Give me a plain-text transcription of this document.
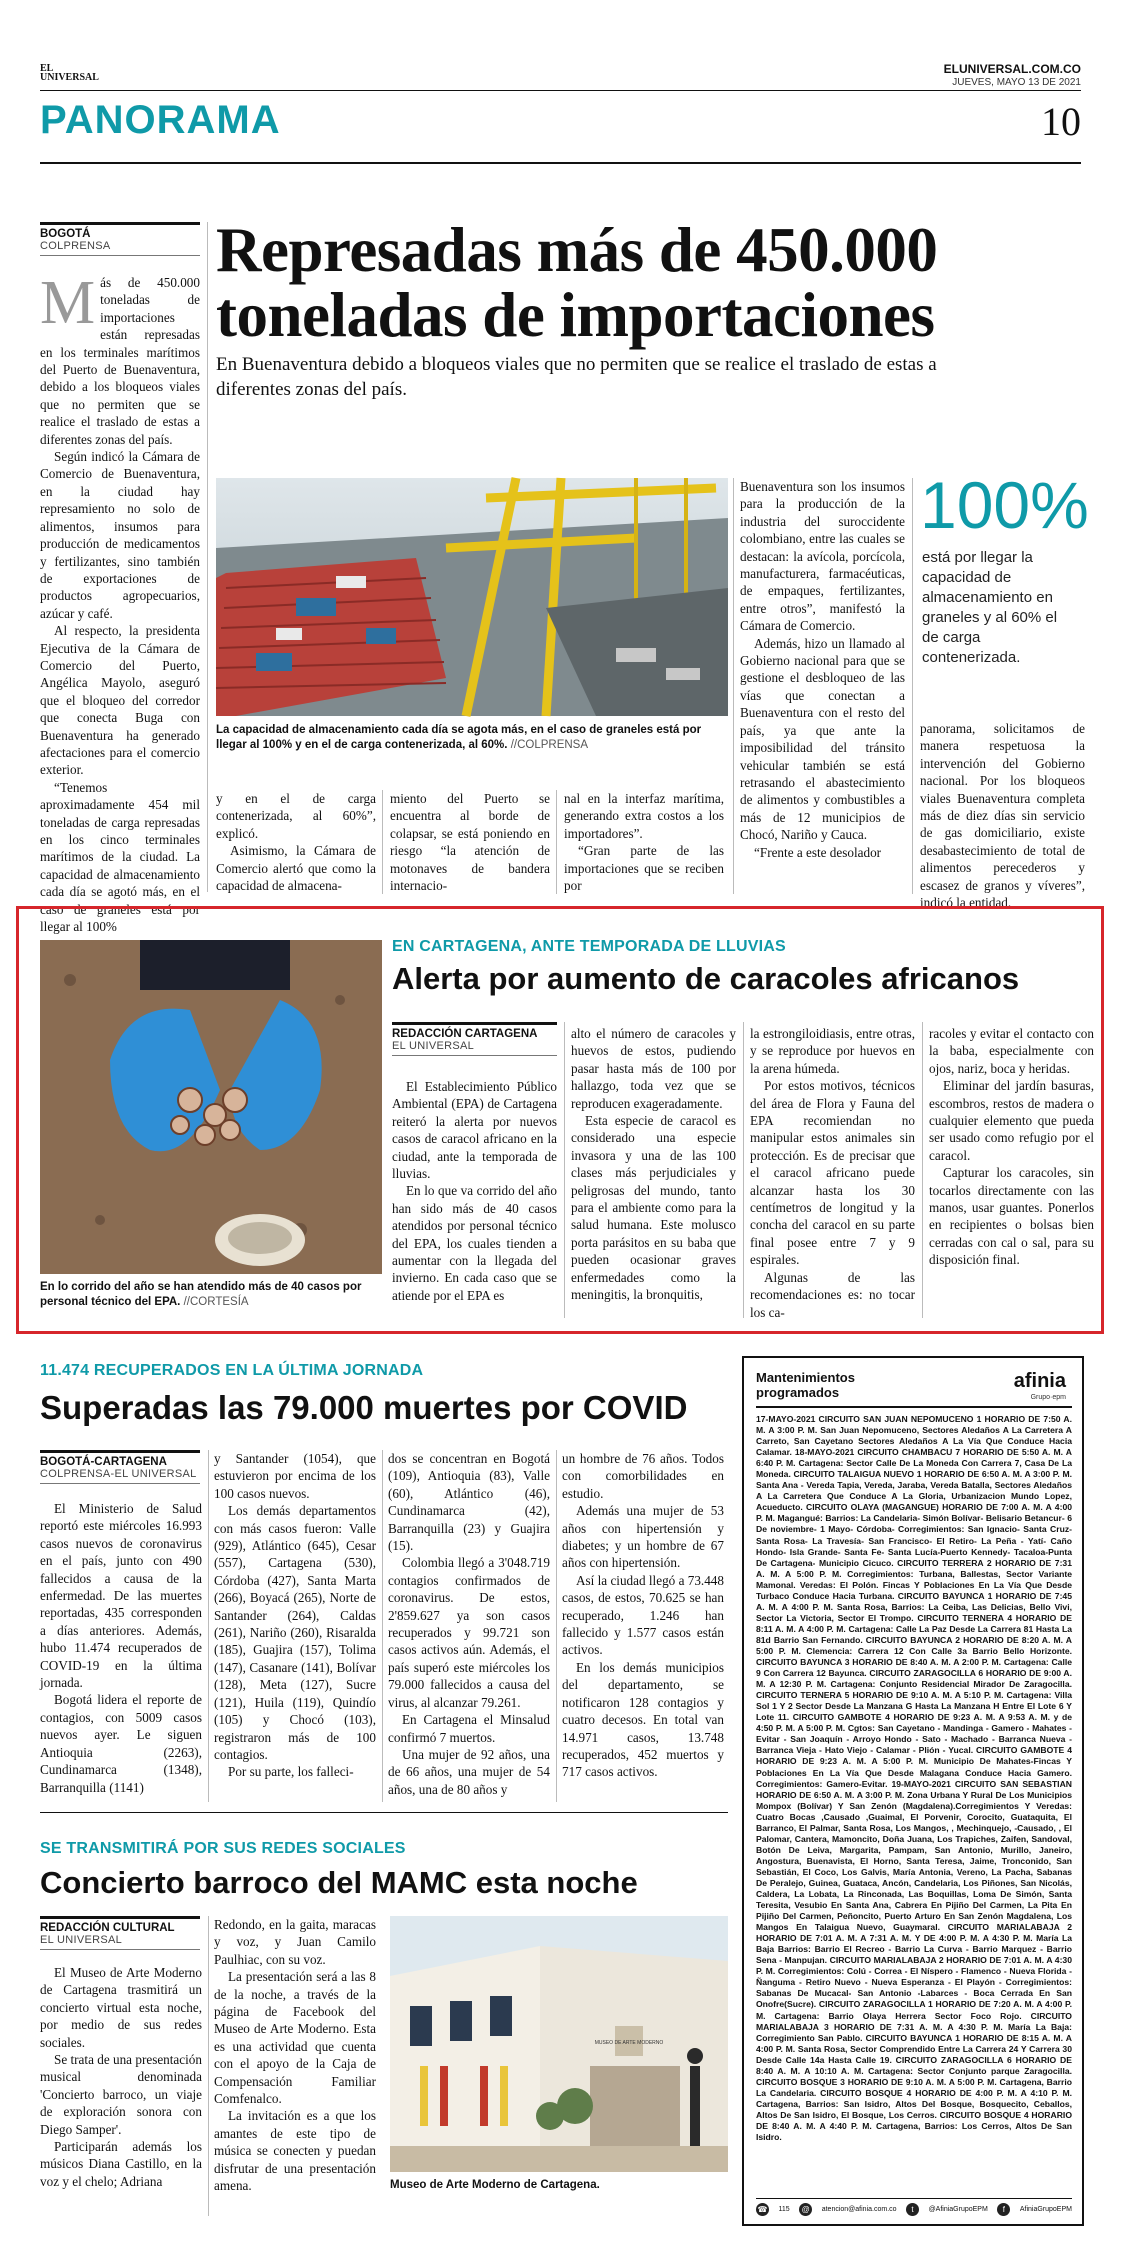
EL
UNIVERSAL
ELUNIVERSAL.COM.CO
JUEVES, MAYO 13 DE 2021
PANORAMA	10
BOGOTÁ
COLPRENSA	Represadas más de 450.000 toneladas de importaciones
En Buenaventura debido a bloqueos viales que no permiten que se realice el traslado de estas a diferentes zonas del país.
M ás de 450.000 toneladas de importaciones están represadas en los terminales marítimos del Puerto de Buenaventura, debido a los bloqueos viales que no permiten que se realice el traslado de estas a diferentes zonas del país.

Según indicó la Cámara de Comercio de Buenaventura, en la ciudad hay represamiento no solo de alimentos, insumos para producción de medicamentos y fertilizantes, sino también de exportaciones de productos agropecuarios, azúcar y café.

Al respecto, la presidenta Ejecutiva de la Cámara de Comercio del Puerto, Angélica Mayolo, aseguró que el bloqueo del corredor que conecta Buga con Buenaventura ha generado afectaciones para el comercio exterior.

“Tenemos aproximadamente 454 mil toneladas de carga represadas en los cinco terminales marítimos de la ciudad. La capacidad de almacenamiento cada día se agotó más, en el caso de graneles está por llegar al 100%

La capacidad de almacenamiento cada día se agota más, en el caso de graneles está por llegar al 100% y en el de carga contenerizada, al 60%. //COLPRENSA

y en el de carga contenerizada, al 60%”, explicó.

Asimismo, la Cámara de Comercio alertó que como la capacidad de almacena-

miento del Puerto se encuentra al borde de colapsar, se está poniendo en riesgo “la atención de motonaves de bandera internacio-

nal en la interfaz marítima, generando extra costos a los importadores”.

“Gran parte de las importaciones que se reciben por

Buenaventura son los insumos para la producción de la industria del suroccidente colombiano, entre las cuales se destacan: la avícola, porcícola, manufacturera, farmacéuticas, de empaques, fertilizantes, entre otros”, manifestó la Cámara de Comercio.

Además, hizo un llamado al Gobierno nacional para que se gestione el desbloqueo de las vías que conectan a Buenaventura con el resto del país, ya que ante la imposibilidad del tránsito vehicular también se está retrasando el abastecimiento de alimentos y combustibles a más de 12 municipios de Chocó, Nariño y Cauca.

“Frente a este desolador

100%
está por llegar la capacidad de almacenamiento en graneles y al 60% el de carga contenerizada.

panorama, solicitamos de manera respetuosa la intervención del Gobierno nacional. Por los bloqueos viales Buenaventura completa más de diez días sin servicio de gas domiciliario, existe desabastecimiento de total de alimentos perecederos y escasez de granos y víveres”, indicó la entidad.

En lo corrido del año se han atendido más de 40 casos por personal técnico del EPA. //CORTESÍA
EN CARTAGENA, ANTE TEMPORADA DE LLUVIAS
Alerta por aumento de caracoles africanos
REDACCIÓN CARTAGENA
EL UNIVERSAL

El Establecimiento Público Ambiental (EPA) de Cartagena reiteró la alerta por nuevos casos de caracol africano en la ciudad, ante la temporada de lluvias.

En lo que va corrido del año han sido más de 40 casos atendidos por personal técnico del EPA, los cuales tienden a aumentar con la llegada del invierno. En cada caso que se atiende por el EPA es

alto el número de caracoles y huevos de estos, pudiendo pasar hasta más de 100 por hallazgo, toda vez que se reproducen exageradamente.

Esta especie de caracol es considerado una especie invasora y una de las 100 clases más perjudiciales y peligrosas del mundo, tanto para el ambiente como para la salud humana. Este molusco porta parásitos en su baba que pueden ocasionar graves enfermedades como la meningitis, la bronquitis,

la estrongiloidiasis, entre otras, y se reproduce por huevos en la arena húmeda.

Por estos motivos, técnicos del área de Flora y Fauna del EPA recomiendan no manipular estos animales sin protección. Es de precisar que el caracol africano puede alcanzar hasta los 30 centímetros de longitud y la concha del caracol en su parte final posee entre 7 y 9 espirales.

Algunas de las recomendaciones es: no tocar los ca-

racoles y evitar el contacto con la baba, especialmente con ojos, nariz, boca y heridas.

Eliminar del jardín basuras, escombros, restos de madera o cualquier elemento que pueda ser usado como refugio por el caracol.

Capturar los caracoles, sin tocarlos directamente con las manos, usar guantes. Ponerlos en recipientes o bolsas bien cerradas con cal o sal, para su disposición final.

11.474 RECUPERADOS EN LA ÚLTIMA JORNADA
Superadas las 79.000 muertes por COVID
BOGOTÁ-CARTAGENA
COLPRENSA-EL UNIVERSAL

El Ministerio de Salud reportó este miércoles 16.993 casos nuevos de coronavirus en el país, junto con 490 fallecidos a causa de la enfermedad. De las muertes reportadas, 435 corresponden a días anteriores. Además, hubo 11.474 recuperados de COVID-19 en la última jornada.

Bogotá lidera el reporte de contagios, con 5009 casos nuevos ayer. Le siguen Antioquia (2263), Cundinamarca (1348), Barranquilla (1141)

y Santander (1054), que estuvieron por encima de los 100 casos nuevos.

Los demás departamentos con más casos fueron: Valle (929), Atlántico (645), Cesar (557), Cartagena (530), Córdoba (427), Santa Marta (266), Boyacá (265), Norte de Santander (264), Caldas (261), Nariño (260), Risaralda (185), Guajira (157), Tolima (147), Casanare (141), Bolívar (128), Meta (127), Sucre (121), Huila (119), Quindío (105) y Chocó (103), registraron más de 100 contagios.

Por su parte, los falleci-

dos se concentran en Bogotá (109), Antioquia (83), Valle (60), Atlántico (46), Cundinamarca (42), Barranquilla (23) y Guajira (15).

Colombia llegó a 3'048.719 contagios confirmados de coronavirus. De estos, 2'859.627 ya son casos recuperados y 99.721 son casos activos aún. Además, el país superó este miércoles los 79.000 fallecidos a causa del virus, al alcanzar 79.261.

En Cartagena el Minsalud confirmó 7 muertos.

Una mujer de 92 años, una de 66 años, una mujer de 54 años, una de 80 años y

un hombre de 76 años. Todos con comorbilidades en estudio.

Además una mujer de 53 años con hipertensión y diabetes; y un hombre de 67 años con hipertensión.

Así la ciudad llegó a 73.448 casos, de estos, 70.625 se han recuperado, 1.246 han fallecido y 1.577 casos están activos.

En los demás municipios del departamento, se notificaron 128 contagios y cuatro decesos. En total van 14.971 casos, 13.748 recuperados, 452 muertos y 717 casos activos.

SE TRANSMITIRÁ POR SUS REDES SOCIALES
Concierto barroco del MAMC esta noche
REDACCIÓN CULTURAL
EL UNIVERSAL

El Museo de Arte Moderno de Cartagena trasmitirá un concierto virtual esta noche, por medio de sus redes sociales.

Se trata de una presentación musical denominada 'Concierto barroco, un viaje de exploración sonora con Diego Samper'.

Participarán además los músicos Diana Castillo, en la voz y el chelo; Adriana

Redondo, en la gaita, maracas y voz, y Juan Camilo Paulhiac, con su voz.

La presentación será a las 8 de la noche, a través de la página de Facebook del Museo de Arte Moderno. Esta es una actividad que cuenta con el apoyo de la Caja de Compensación Familiar Comfenalco.

La invitación es a que los amantes de este tipo de música se conecten y puedan disfrutar de una presentación amena.

MUSEO DE ARTE MODERNO
Museo de Arte Moderno de Cartagena.
Mantenimientos
programados
afinia
Grupo·epm
17-MAYO-2021 CIRCUITO SAN JUAN NEPOMUCENO 1 HORARIO DE 7:50 A. M. A 3:00 P. M. San Juan Nepomuceno, Sectores Aledaños A La Carretera A Carreto, San Cayetano Sectores Aledaños A La Vía Que Conduce Hacia Calamar. 18-MAYO-2021 CIRCUITO CHAMBACU 7 HORARIO DE 5:50 A. M. A 6:40 P. M. Cartagena: Sector Calle De La Moneda Con Carrera 7, Casa De La Moneda. CIRCUITO TALAIGUA NUEVO 1 HORARIO DE 6:50 A. M. A 3:00 P. M. Santa Ana - Vereda Tapia, Vereda, Jaraba, Vereda Batalla, Sectores Aledaños A La Carretera Que Conduce A La Gloria, Urbanizacion Mundo Lopez, Acueducto. CIRCUITO OLAYA (MAGANGUE) HORARIO DE 7:00 A. M. A 4:00 P. M. Magangué: Barrios: La Candelaria- Simón Bolívar- Belisario Betancur- 6 De noviembre- 1 Mayo- Córdoba- Corregimientos: San Ignacio- Santa Cruz- Santa Rosa- La Travesía- San Francisco- El Retiro- La Peña - Yatí- Caño Hondo- Isla Grande- Santa Fe- Santa Lucía-Puerto Kennedy- Tacaloa-Punta De Cartagena- Municipio Cicuco. CIRCUITO TERRERA 2 HORARIO DE 7:31 A. M. A 5:00 P. M. Corregimientos: Turbana, Ballestas, Sector Variante Mamonal. Veredas: El Polón. Fincas Y Poblaciones En La Vía Que Desde Turbaco Conduce Hacia Turbana. CIRCUITO BAYUNCA 1 HORARIO DE 7:45 A. M. A 4:00 P. M. Santa Rosa, Barrios: La Ceiba, Las Delicias, Bello Vivi, Sector La Victoria, Sector El Trompo. CIRCUITO TERNERA 4 HORARIO DE 8:11 A. M. A 4:00 P. M. Cartagena: Calle La Paz Desde La Carrera 81 Hasta La 81d Barrio San Fernando. CIRCUITO BAYUNCA 2 HORARIO DE 8:20 A. M. A 5:00 P. M. Clemencia: Carrera 12 Con Calle 3a Barrio Bello Horizonte. CIRCUITO BAYUNCA 3 HORARIO DE 8:40 A. M. A 2:00 P. M. Cartagena: Calle 9 Con Carrera 12 Bayunca. CIRCUITO ZARAGOCILLA 6 HORARIO DE 9:00 A. M. A 12:30 P. M. Cartagena: Conjunto Residencial Mirador De Zaragocilla. CIRCUITO TERNERA 5 HORARIO DE 9:10 A. M. A 5:10 P. M. Cartagena: Villa Sol 1 Y 2 Sector Desde La Manzana G Hasta La Manzana H Entre El Lote 6 Y Lote 11. CIRCUITO GAMBOTE 4 HORARIO DE 9:23 A. M. A 9:53 A. M. y de 4:50 P. M. A 5:00 P. M. Cgtos: San Cayetano - Mandinga - Gamero - Mahates - Evitar - San Joaquín - Arroyo Hondo - Sato - Machado - Barranca Nueva - Barranca Vieja - Hato Viejo - Calamar - Plión - Yucal. CIRCUITO GAMBOTE 4 HORARIO DE 9:23 A. M. A 5:00 P. M. Municipio De Mahates-Fincas Y Poblaciones En La Vía Que Desde Malagana Conduce Hacia Gamero. Corregimientos: Gamero-Evitar. 19-MAYO-2021 CIRCUITO SAN SEBASTIAN HORARIO DE 6:50 A. M. A 3:00 P. M. Zona Urbana Y Rural De Los Municipios Mompox (Bolívar) Y San Zenón (Magdalena).Corregimientos Y Veredas: Cuatro Bocas ,Causado ,Guaimal, El Porvenir, Corocito, Guataquita, El Barranco, El Palmar, Santa Rosa, Los Mangos, , Mechinquejo, -Causado, , El Palomar, Cantera, Mamoncito, Doña Juana, Los Trapiches, Zaifen, Sandoval, Botón De Leiva, Margarita, Pampam, San Antonio, Murillo, Janeiro, Angostura, Buenavista, El Horno, Santa Teresa, Jaime, Tronconido, San Sebastián, El Coco, Los Galvis, María Antonia, Vereno, La Pacha, Sabanas De Peralejo, Guinea, Guataca, Ancón, Candelaria, Los Piñones, San Nicolás, Caldera, La Lobata, La Rinconada, Las Boquillas, Loma De Simón, Santa Teresita, Vesubio En Santa Ana, Cabrera En Pijiño Del Carmen, La Pita En Pijiño Del Carmen, Peñoncito, Puerto Arturo En San Zenón Magdalena, Los Mangos En Talaigua Nuevo, Guaymaral. CIRCUITO MARIALABAJA 2 HORARIO DE 7:01 A. M. A 7:31 A. M. Y DE 4:00 P. M. A 4:30 P. M. María La Baja Barrios: Barrio El Recreo - Barrio La Curva - Barrio Marquez - Barrio Sena - Manpujan. CIRCUITO MARIALABAJA 2 HORARIO DE 7:01 A. M. A 4:30 P. M. Corregimientos: Colú - Correa - El Níspero - Flamenco - Nueva Florida - Ñanguma - Retiro Nuevo - Nueva Esperanza - El Playón - Corregimientos: Sabanas De Mucacal- San Antonio -Labarces - Boca Cerrada En San Onofre(Sucre). CIRCUITO ZARAGOCILLA 1 HORARIO DE 7:20 A. M. A 4:00 P. M. Cartagena: Barrio Olaya Herrera Sector Foco Rojo. CIRCUITO MARIALABAJA 3 HORARIO DE 7:31 A. M. A 4:30 P. M. María La Baja: Corregimiento San Pablo. CIRCUITO BAYUNCA 1 HORARIO DE 8:15 A. M. A 4:00 P. M. Santa Rosa, Sector Comprendido Entre La Carrera 24 Y Carrera 30 Desde Calle 14a Hasta Calle 19. CIRCUITO ZARAGOCILLA 6 HORARIO DE 8:40 A. M. A 10:10 A. M. Cartagena: Sector Conjunto parque Zaragocilla. CIRCUITO BOSQUE 3 HORARIO DE 9:10 A. M. A 5:00 P. M. Cartagena, Barrio La Candelaria. CIRCUITO BOSQUE 4 HORARIO DE 4:00 P. M. A 4:10 P. M. Cartagena, Barrios: San Isidro, Altos Del Bosque, Bosquecito, Ceballos, Altos De San Isidro, El Bosque, Los Cerros. CIRCUITO BOSQUE 4 HORARIO DE 8:40 A. M. A 4:40 P. M. Cartagena, Barrios: Los Cerros, Altos De San Isidro.
☎ 115	@	atencion@afinia.com.co	t	@AfiniaGrupoEPM	f	AfiniaGrupoEPM
